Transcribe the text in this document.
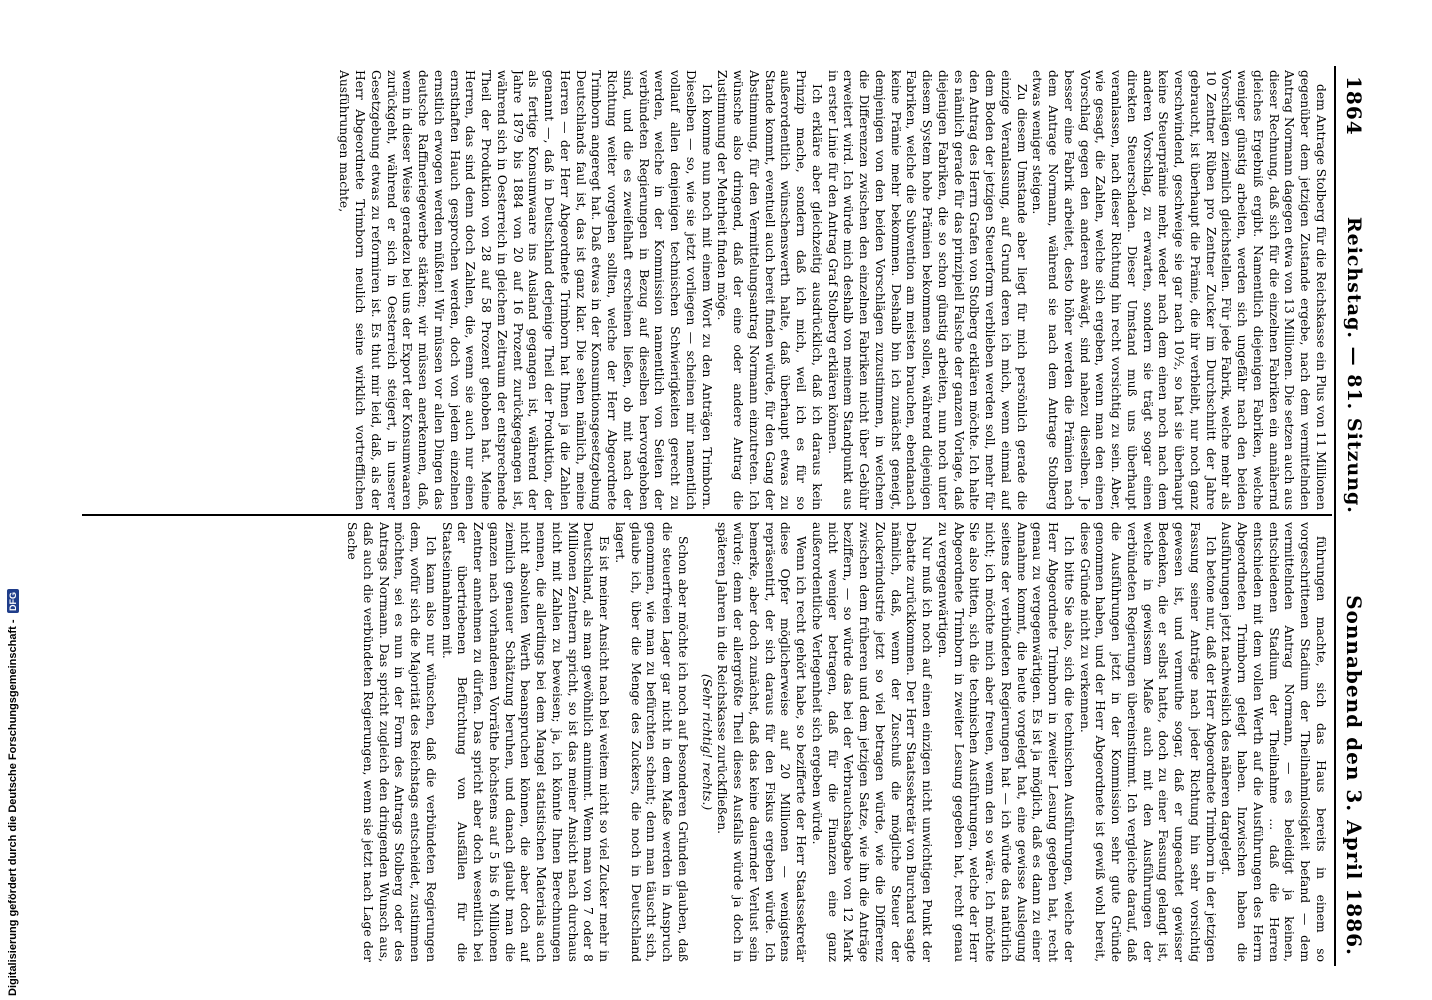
Digitalisierung gefördert durch die Deutsche Forschungsgemeinschaft -
DFG
1864
Reichstag. — 81. Sitzung.
Sonnabend den 3. April 1886.

dem Antrage Stolberg für die Reichskasse ein Plus von 11 Millionen gegenüber dem jetzigen Zustande ergebe, nach dem vermittelnden Antrag Normann dagegen etwa von 13 Millionen. Die setzen auch aus dieser Rechnung, daß sich für die einzelnen Fabriken ein annähernd gleiches Ergebniß ergibt. Namentlich diejenigen Fabriken, welche weniger günstig arbeiten, werden sich ungefähr nach den beiden Vorschlägen ziemlich gleichstellen. Für jede Fabrik, welche mehr als 10 Zentner Rüben pro Zentner Zucker im Durchschnitt der Jahre gebraucht, ist überhaupt die Prämie, die ihr verbleibt, nur noch ganz verschwindend, geschweige sie gar nach 10½, so hat sie überhaupt keine Steuerprämie mehr, weder nach dem einen noch nach dem anderen Vorschlag, zu erwarten, sondern sie trägt sogar einen direkten Steuerschaden. Dieser Umstand muß uns überhaupt veranlassen, nach dieser Richtung hin recht vorsichtig zu sein. Aber, wie gesagt, die Zahlen, welche sich ergeben, wenn man den einen Vorschlag gegen den anderen abwägt, sind nahezu dieselben. Je besser eine Fabrik arbeitet, desto höher werden die Prämien nach dem Antrage Normann, während sie nach dem Antrage Stolberg etwas weniger steigen.

Zu diesem Umstande aber liegt für mich persönlich gerade die einzige Veranlassung, auf Grund deren ich mich, wenn einmal auf dem Boden der jetzigen Steuerform verblieben werden soll, mehr für den Antrag des Herrn Grafen von Stolberg erklären möchte. Ich halte es nämlich gerade für das prinzipiell Falsche der ganzen Vorlage, daß diejenigen Fabriken, die so schon günstig arbeiten, nun noch unter diesem System hohe Prämien bekommen sollen, während diejenigen Fabriken, welche die Subvention am meisten brauchen, ebendanach keine Prämie mehr bekommen. Deshalb bin ich zunächst geneigt, demjenigen von den beiden Vorschlägen zuzustimmen, in welchem die Differenzen zwischen den einzelnen Fabriken nicht über Gebühr erweitert wird. Ich würde mich deshalb von meinem Standpunkt aus in erster Linie für den Antrag Graf Stolberg erklären können.

Ich erkläre aber gleichzeitig ausdrücklich, daß ich daraus kein Prinzip mache, sondern daß ich mich, weil ich es für so außerordentlich wünschenswerth halte, daß überhaupt etwas zu Stande kommt, eventuell auch bereit finden würde, für den Gang der Abstimmung, für den Vermittelungsantrag Normann einzutreten. Ich wünsche also dringend, daß der eine oder andere Antrag die Zustimmung der Mehrheit finden möge.

Ich komme nun noch mit einem Wort zu den Anträgen Trimborn. Dieselben — so, wie sie jetzt vorliegen — scheinen mir namentlich vollauf allen denjenigen technischen Schwierigkeiten gerecht zu werden, welche in der Kommission namentlich von Seiten der verbündeten Regierungen in Bezug auf dieselben hervorgehoben sind, und die es zweifelhaft erscheinen ließen, ob mit nach der Richtung weiter vorgehen sollten, welche der Herr Abgeordnete Trimborn angeregt hat. Daß etwas in der Konsumtionsgesetzgebung Deutschlands faul ist, das ist ganz klar. Die sehen nämlich, meine Herren — der Herr Abgeordnete Trimborn hat Ihnen ja die Zahlen genannt —, daß in Deutschland derjenige Theil der Produktion, der als fertige Konsumwaare ins Ausland gegangen ist, während der Jahre 1879 bis 1884 von 20 auf 16 Prozent zurückgegangen ist, während sich in Oesterreich in gleichem Zeitraum der entsprechende Theil der Produktion von 28 auf 58 Prozent gehoben hat. Meine Herren, das sind denn doch Zahlen, die, wenn sie auch nur einen ernsthaften Hauch gesprochen werden, doch von jedem einzelnen ernstlich erwogen werden müßten! Wir müssen vor allen Dingen das deutsche Raffineriegewerbe stärken; wir müssen anerkennen, daß, wenn in dieser Weise geradezu bei uns der Export der Konsumwaaren zurückgeht, während er sich in Oesterreich steigert, in unserer Gesetzgebung etwas zu reformiren ist. Es thut mir leid, daß, als der Herr Abgeordnete Trimborn neulich seine wirklich vortrefflichen Ausführungen machte,

führungen machte, sich das Haus bereits in einem so vorgeschrittenen Stadium der Theilnahmlosigkeit befand — dem vermittelnden Antrag Normann, — es beleidigt ja keinen, entschiedenen Stadium der Theilnahme ... daß die Herren entschieden mit dem vollen Werth auf die Ausführungen des Herrn Abgeordneten Trimborn gelegt haben. Inzwischen haben die Ausführungen jetzt nachweislich des näheren dargelegt.

Ich betone nur, daß der Herr Abgeordnete Trimborn in der jetzigen Fassung seiner Anträge nach jeder Richtung hin sehr vorsichtig gewesen ist, und vermuthe sogar, daß er ungeachtet gewisser Bedenken, die er selbst hatte, doch zu einer Fassung gelangt ist, welche in gewissem Maße auch mit den Ausführungen der verbündeten Regierungen übereinstimmt. Ich vergleiche darauf, daß die Ausführungen jetzt in der Kommission sehr gute Gründe genommen haben, und der Herr Abgeordnete ist gewiß wohl bereit, diese Gründe nicht zu verkennen.

Ich bitte Sie also, sich die technischen Ausführungen, welche der Herr Abgeordnete Trimborn in zweiter Lesung gegeben hat, recht genau zu vergegenwärtigen. Es ist ja möglich, daß es dann zu einer Annahme kommt, die heute vorgelegt hat, eine gewisse Auslegung seitens der verbündeten Regierungen hat — ich würde das natürlich nicht; ich möchte mich aber freuen, wenn den so wäre. Ich möchte Sie also bitten, sich die technischen Ausführungen, welche der Herr Abgeordnete Trimborn in zweiter Lesung gegeben hat, recht genau zu vergegenwärtigen.

Nur muß ich noch auf einen einzigen nicht unwichtigen Punkt der Debatte zurückkommen. Der Herr Staatssekretär von Burchard sagte nämlich, daß, wenn der Zuschuß die mögliche Steuer der Zuckerindustrie jetzt so viel betragen würde, wie die Differenz zwischen dem früheren und dem jetzigen Satze, wie ihn die Anträge beziffern, — so würde das bei der Verbrauchsabgabe von 12 Mark nicht weniger betragen, daß für die Finanzen eine ganz außerordentliche Verlegenheit sich ergeben würde.

Wenn ich recht gehört habe, so bezifferte der Herr Staatssekretär diese Opfer möglicherweise auf 20 Millionen — wenigstens repräsentirt, der sich daraus für den Fiskus ergeben würde. Ich bemerke, aber doch zunächst, daß das keine dauernder Verlust sein würde; denn der allergrößte Theil dieses Ausfalls würde ja doch in späteren Jahren in die Reichskasse zurückfließen.

(Sehr richtig! rechts.)

Schon aber möchte ich noch auf besonderen Gründen glauben, daß die steuerfreien Lager gar nicht in dem Maße werden in Anspruch genommen, wie man zu befürchten scheint; denn man täuscht sich, glaube ich, über die Menge des Zuckers, die noch in Deutschland lagert.

Es ist meiner Ansicht nach bei weitem nicht so viel Zucker mehr in Deutschland, als man gewöhnlich annimmt. Wenn man von 7 oder 8 Millionen Zentnern spricht, so ist das meiner Ansicht nach durchaus nicht mit Zahlen zu beweisen; ja, ich könnte Ihnen Berechnungen nennen, die allerdings bei dem Mangel statistischen Materials auch nicht absoluten Werth beanspruchen können, die aber doch auf ziemlich genauer Schätzung beruhen, und danach glaubt man die ganzen nach vorhandenen Vorräthe höchstens auf 5 bis 6 Millionen Zentner annehmen zu dürfen. Das spricht aber doch wesentlich bei der übertriebenen Befürchtung von Ausfällen für die Staatseinnahmen mit.

Ich kann also nur wünschen, daß die verbündeten Regierungen dem, wofür sich die Majorität des Reichstags entscheidet, zustimmen möchten, sei es nun in der Form des Antrags Stolberg oder des Antrags Normann. Das spricht zugleich den dringenden Wunsch aus, daß auch die verbündeten Regierungen, wenn sie jetzt nach Lage der Sache
